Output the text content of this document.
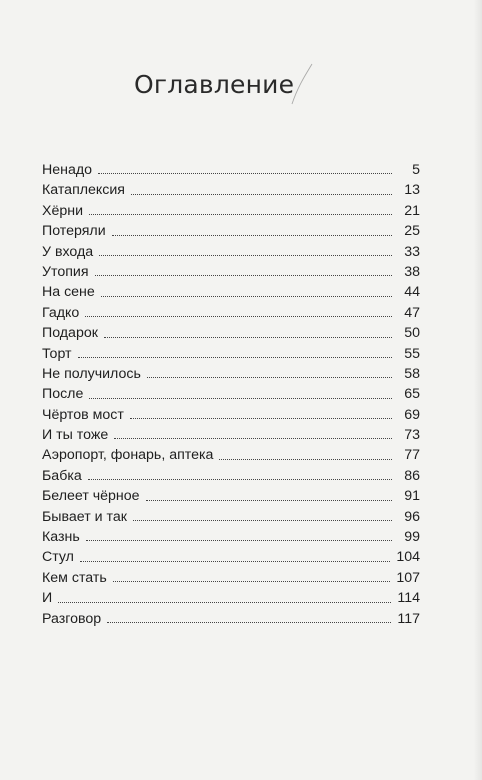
Оглавление
Ненадо	5
Катаплексия	13
Хёрни	21
Потеряли	25
У входа	33
Утопия	38
На сене	44
Гадко	47
Подарок	50
Торт	55
Не получилось	58
После	65
Чёртов мост	69
И ты тоже	73
Аэропорт, фонарь, аптека	77
Бабка	86
Белеет чёрное	91
Бывает и так	96
Казнь	99
Стул	104
Кем стать	107
И	114
Разговор	117
